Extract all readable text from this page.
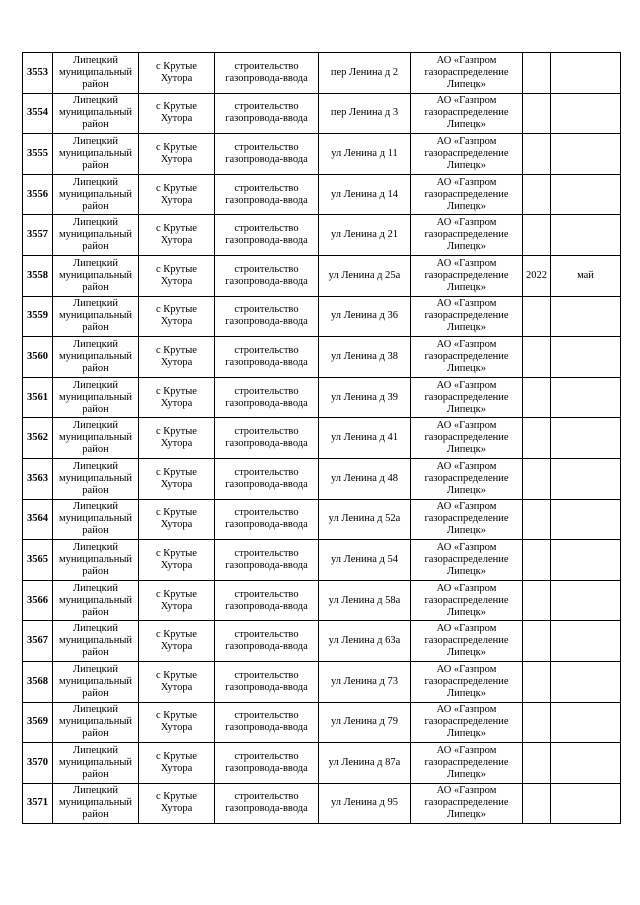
3553	Липецкий
муниципальный
район	с Крутые
Хутора	строительство
газопровода-ввода	пер Ленина д 2	АО «Газпром
газораспределение
Липецк»		
3554	Липецкий
муниципальный
район	с Крутые
Хутора	строительство
газопровода-ввода	пер Ленина д 3	АО «Газпром
газораспределение
Липецк»		
3555	Липецкий
муниципальный
район	с Крутые
Хутора	строительство
газопровода-ввода	ул Ленина д 11	АО «Газпром
газораспределение
Липецк»		
3556	Липецкий
муниципальный
район	с Крутые
Хутора	строительство
газопровода-ввода	ул Ленина д 14	АО «Газпром
газораспределение
Липецк»		
3557	Липецкий
муниципальный
район	с Крутые
Хутора	строительство
газопровода-ввода	ул Ленина д 21	АО «Газпром
газораспределение
Липецк»		
3558	Липецкий
муниципальный
район	с Крутые
Хутора	строительство
газопровода-ввода	ул Ленина д 25а	АО «Газпром
газораспределение
Липецк»	2022	май
3559	Липецкий
муниципальный
район	с Крутые
Хутора	строительство
газопровода-ввода	ул Ленина д 36	АО «Газпром
газораспределение
Липецк»		
3560	Липецкий
муниципальный
район	с Крутые
Хутора	строительство
газопровода-ввода	ул Ленина д 38	АО «Газпром
газораспределение
Липецк»		
3561	Липецкий
муниципальный
район	с Крутые
Хутора	строительство
газопровода-ввода	ул Ленина д 39	АО «Газпром
газораспределение
Липецк»		
3562	Липецкий
муниципальный
район	с Крутые
Хутора	строительство
газопровода-ввода	ул Ленина д 41	АО «Газпром
газораспределение
Липецк»		
3563	Липецкий
муниципальный
район	с Крутые
Хутора	строительство
газопровода-ввода	ул Ленина д 48	АО «Газпром
газораспределение
Липецк»		
3564	Липецкий
муниципальный
район	с Крутые
Хутора	строительство
газопровода-ввода	ул Ленина д 52а	АО «Газпром
газораспределение
Липецк»		
3565	Липецкий
муниципальный
район	с Крутые
Хутора	строительство
газопровода-ввода	ул Ленина д 54	АО «Газпром
газораспределение
Липецк»		
3566	Липецкий
муниципальный
район	с Крутые
Хутора	строительство
газопровода-ввода	ул Ленина д 58а	АО «Газпром
газораспределение
Липецк»		
3567	Липецкий
муниципальный
район	с Крутые
Хутора	строительство
газопровода-ввода	ул Ленина д 63а	АО «Газпром
газораспределение
Липецк»		
3568	Липецкий
муниципальный
район	с Крутые
Хутора	строительство
газопровода-ввода	ул Ленина д 73	АО «Газпром
газораспределение
Липецк»		
3569	Липецкий
муниципальный
район	с Крутые
Хутора	строительство
газопровода-ввода	ул Ленина д 79	АО «Газпром
газораспределение
Липецк»		
3570	Липецкий
муниципальный
район	с Крутые
Хутора	строительство
газопровода-ввода	ул Ленина д 87а	АО «Газпром
газораспределение
Липецк»		
3571	Липецкий
муниципальный
район	с Крутые
Хутора	строительство
газопровода-ввода	ул Ленина д 95	АО «Газпром
газораспределение
Липецк»		
